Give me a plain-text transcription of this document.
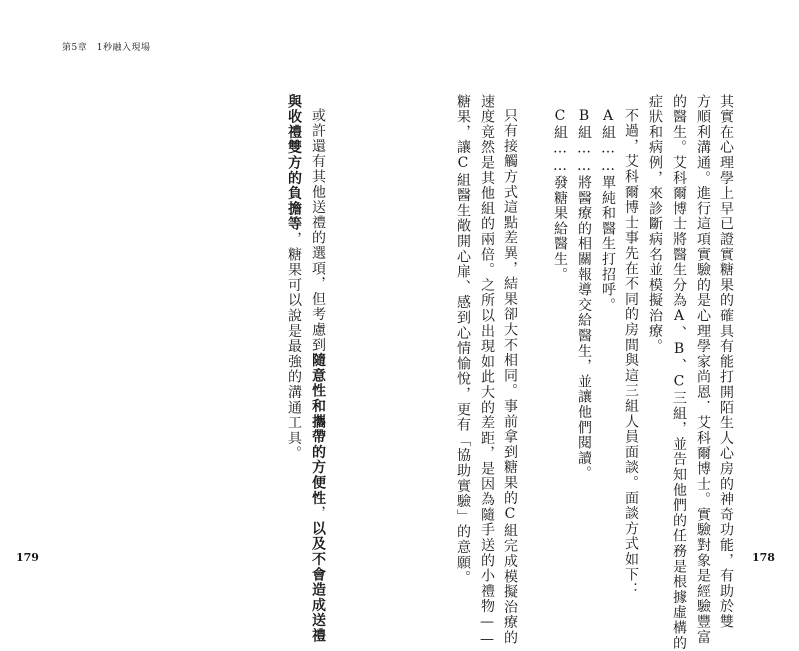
第5章　1秒融入現場
其實在心理學上早已證實糖果的確具有能打開陌生人心房的神奇功能，有助於雙
方順利溝通。進行這項實驗的是心理學家尚恩．艾科爾博士。實驗對象是經驗豐富
的醫生。艾科爾博士將醫生分為A、B、C三組，並告知他們的任務是根據虛構的
症狀和病例，來診斷病名並模擬治療。
不過，艾科爾博士事先在不同的房間與這三組人員面談。面談方式如下：
A組……單純和醫生打招呼。
B組……將醫療的相關報導交給醫生，並讓他們閱讀。
C組……發糖果給醫生。
只有接觸方式這點差異，結果卻大不相同。事前拿到糖果的C組完成模擬治療的
速度竟然是其他組的兩倍。之所以出現如此大的差距，是因為隨手送的小禮物——
糖果，讓C組醫生敞開心扉、感到心情愉悅，更有「協助實驗」的意願。
或許還有其他送禮的選項，但考慮到隨意性和攜帶的方便性，以及不會造成送禮
與收禮雙方的負擔等，糖果可以說是最強的溝通工具。
179	178
